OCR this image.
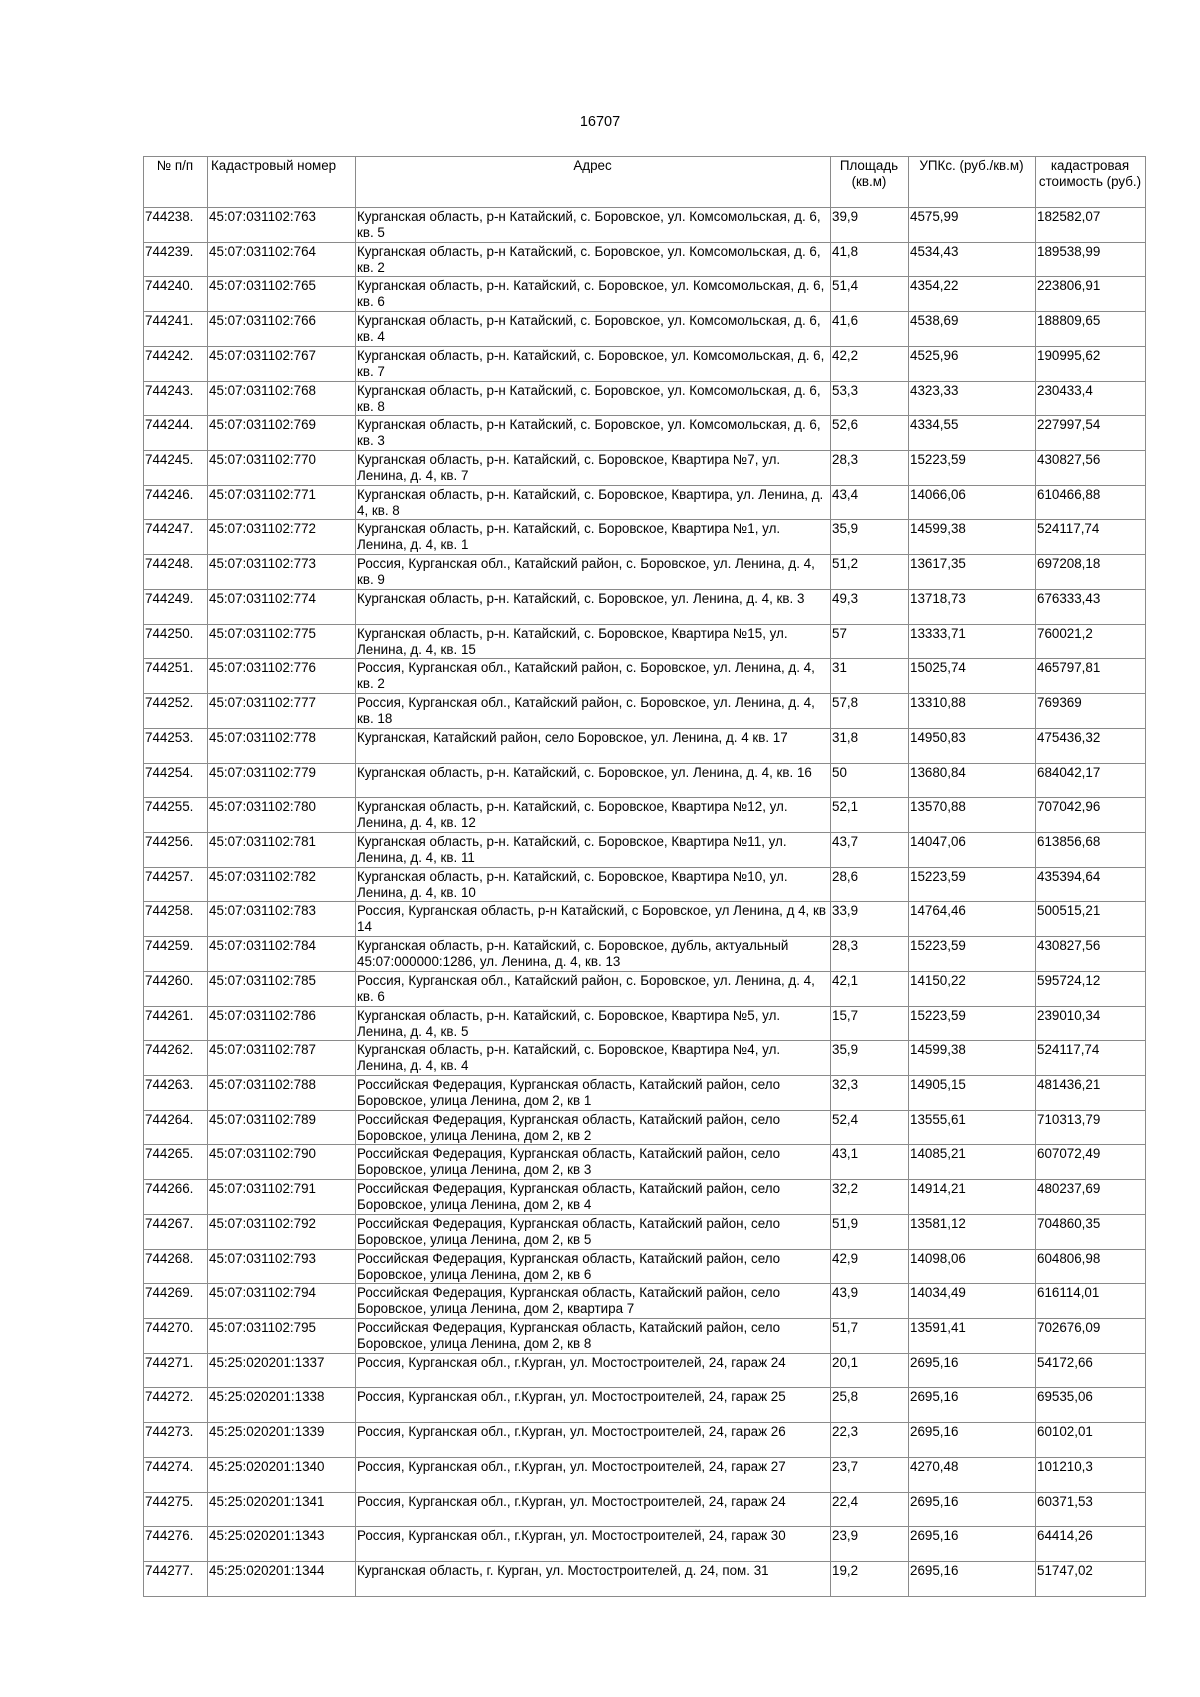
16707
№ п/п	Кадастровый номер	Адрес	Площадь (кв.м)	УПКс. (руб./кв.м)	кадастровая стоимость (руб.)
744238.	45:07:031102:763	Курганская область, р-н Катайский, с. Боровское, ул. Комсомольская, д. 6, кв. 5	39,9	4575,99	182582,07
744239.	45:07:031102:764	Курганская область, р-н Катайский, с. Боровское, ул. Комсомольская, д. 6, кв. 2	41,8	4534,43	189538,99
744240.	45:07:031102:765	Курганская область, р-н. Катайский, с. Боровское, ул. Комсомольская, д. 6, кв. 6	51,4	4354,22	223806,91
744241.	45:07:031102:766	Курганская область, р-н Катайский, с. Боровское, ул. Комсомольская, д. 6, кв. 4	41,6	4538,69	188809,65
744242.	45:07:031102:767	Курганская область, р-н. Катайский, с. Боровское, ул. Комсомольская, д. 6, кв. 7	42,2	4525,96	190995,62
744243.	45:07:031102:768	Курганская область, р-н Катайский, с. Боровское, ул. Комсомольская, д. 6, кв. 8	53,3	4323,33	230433,4
744244.	45:07:031102:769	Курганская область, р-н Катайский, с. Боровское, ул. Комсомольская, д. 6, кв. 3	52,6	4334,55	227997,54
744245.	45:07:031102:770	Курганская область, р-н. Катайский, с. Боровское, Квартира №7, ул. Ленина, д. 4, кв. 7	28,3	15223,59	430827,56
744246.	45:07:031102:771	Курганская область, р-н. Катайский, с. Боровское, Квартира, ул. Ленина, д. 4, кв. 8	43,4	14066,06	610466,88
744247.	45:07:031102:772	Курганская область, р-н. Катайский, с. Боровское, Квартира №1, ул. Ленина, д. 4, кв. 1	35,9	14599,38	524117,74
744248.	45:07:031102:773	Россия, Курганская обл., Катайский район, с. Боровское, ул. Ленина, д. 4, кв. 9	51,2	13617,35	697208,18
744249.	45:07:031102:774	Курганская область, р-н. Катайский, с. Боровское, ул. Ленина, д. 4, кв. 3	49,3	13718,73	676333,43
744250.	45:07:031102:775	Курганская область, р-н. Катайский, с. Боровское, Квартира №15, ул. Ленина, д. 4, кв. 15	57	13333,71	760021,2
744251.	45:07:031102:776	Россия, Курганская обл., Катайский район, с. Боровское, ул. Ленина, д. 4, кв. 2	31	15025,74	465797,81
744252.	45:07:031102:777	Россия, Курганская обл., Катайский район, с. Боровское, ул. Ленина, д. 4, кв. 18	57,8	13310,88	769369
744253.	45:07:031102:778	Курганская, Катайский район, село Боровское, ул. Ленина, д. 4 кв. 17	31,8	14950,83	475436,32
744254.	45:07:031102:779	Курганская область, р-н. Катайский, с. Боровское, ул. Ленина, д. 4, кв. 16	50	13680,84	684042,17
744255.	45:07:031102:780	Курганская область, р-н. Катайский, с. Боровское, Квартира №12, ул. Ленина, д. 4, кв. 12	52,1	13570,88	707042,96
744256.	45:07:031102:781	Курганская область, р-н. Катайский, с. Боровское, Квартира №11, ул. Ленина, д. 4, кв. 11	43,7	14047,06	613856,68
744257.	45:07:031102:782	Курганская область, р-н. Катайский, с. Боровское, Квартира №10, ул. Ленина, д. 4, кв. 10	28,6	15223,59	435394,64
744258.	45:07:031102:783	Россия, Курганская область, р-н Катайский, с Боровское, ул Ленина, д 4, кв 14	33,9	14764,46	500515,21
744259.	45:07:031102:784	Курганская область, р-н. Катайский, с. Боровское, дубль, актуальный 45:07:000000:1286, ул. Ленина, д. 4, кв. 13	28,3	15223,59	430827,56
744260.	45:07:031102:785	Россия, Курганская обл., Катайский район, с. Боровское, ул. Ленина, д. 4, кв. 6	42,1	14150,22	595724,12
744261.	45:07:031102:786	Курганская область, р-н. Катайский, с. Боровское, Квартира №5, ул. Ленина, д. 4, кв. 5	15,7	15223,59	239010,34
744262.	45:07:031102:787	Курганская область, р-н. Катайский, с. Боровское, Квартира №4, ул. Ленина, д. 4, кв. 4	35,9	14599,38	524117,74
744263.	45:07:031102:788	Российская Федерация, Курганская область, Катайский район, село Боровское, улица Ленина, дом 2, кв 1	32,3	14905,15	481436,21
744264.	45:07:031102:789	Российская Федерация, Курганская область, Катайский район, село Боровское, улица Ленина, дом 2, кв 2	52,4	13555,61	710313,79
744265.	45:07:031102:790	Российская Федерация, Курганская область, Катайский район, село Боровское, улица Ленина, дом 2, кв 3	43,1	14085,21	607072,49
744266.	45:07:031102:791	Российская Федерация, Курганская область, Катайский район, село Боровское, улица Ленина, дом 2, кв 4	32,2	14914,21	480237,69
744267.	45:07:031102:792	Российская Федерация, Курганская область, Катайский район, село Боровское, улица Ленина, дом 2, кв 5	51,9	13581,12	704860,35
744268.	45:07:031102:793	Российская Федерация, Курганская область, Катайский район, село Боровское, улица Ленина, дом 2, кв 6	42,9	14098,06	604806,98
744269.	45:07:031102:794	Российская Федерация, Курганская область, Катайский район, село Боровское, улица Ленина, дом 2, квартира 7	43,9	14034,49	616114,01
744270.	45:07:031102:795	Российская Федерация, Курганская область, Катайский район, село Боровское, улица Ленина, дом 2, кв 8	51,7	13591,41	702676,09
744271.	45:25:020201:1337	Россия, Курганская обл., г.Курган, ул. Мостостроителей, 24, гараж 24	20,1	2695,16	54172,66
744272.	45:25:020201:1338	Россия, Курганская обл., г.Курган, ул. Мостостроителей, 24, гараж 25	25,8	2695,16	69535,06
744273.	45:25:020201:1339	Россия, Курганская обл., г.Курган, ул. Мостостроителей, 24, гараж 26	22,3	2695,16	60102,01
744274.	45:25:020201:1340	Россия, Курганская обл., г.Курган, ул. Мостостроителей, 24, гараж 27	23,7	4270,48	101210,3
744275.	45:25:020201:1341	Россия, Курганская обл., г.Курган, ул. Мостостроителей, 24, гараж 24	22,4	2695,16	60371,53
744276.	45:25:020201:1343	Россия, Курганская обл., г.Курган, ул. Мостостроителей, 24, гараж 30	23,9	2695,16	64414,26
744277.	45:25:020201:1344	Курганская область, г. Курган, ул. Мостостроителей, д. 24, пом. 31	19,2	2695,16	51747,02
